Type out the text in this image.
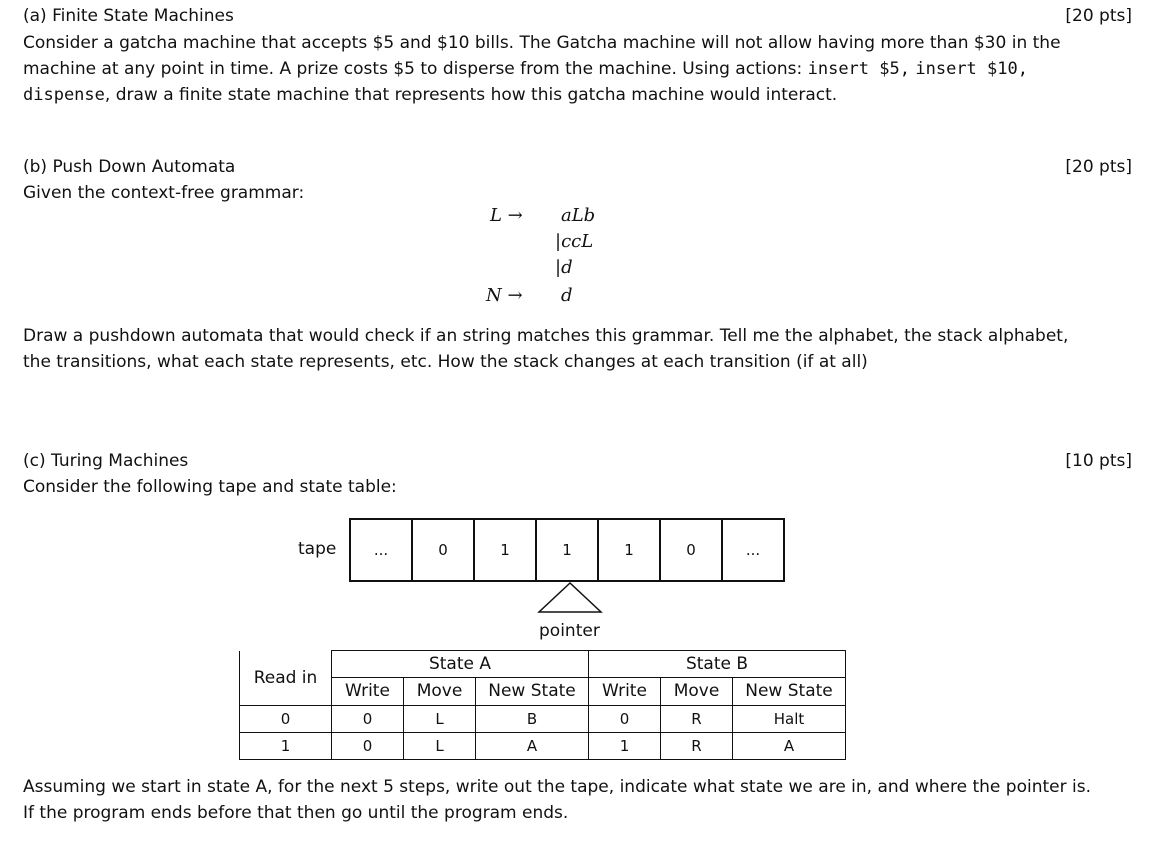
(a) Finite State Machines	[20 pts]
Consider a gatcha machine that accepts $5 and $10 bills. The Gatcha machine will not allow having more than $30 in the
machine at any point in time. A prize costs $5 to disperse from the machine. Using actions: insert $5, insert $10,
dispense, draw a finite state machine that represents how this gatcha machine would interact.
(b) Push Down Automata	[20 pts]
Given the context-free grammar:
L → aLb
|ccL
|d
N → d
Draw a pushdown automata that would check if an string matches this grammar. Tell me the alphabet, the stack alphabet,
the transitions, what each state represents, etc. How the stack changes at each transition (if at all)
(c) Turing Machines	[10 pts]
Consider the following tape and state table:
tape	...	0	1	1	1	0	...
pointer
Read in	State A			State B		
	Write	Move	New State	Write	Move	New State
0	0	L	B	0	R	Halt
1	0	L	A	1	R	A
Assuming we start in state A, for the next 5 steps, write out the tape, indicate what state we are in, and where the pointer is.
If the program ends before that then go until the program ends.
